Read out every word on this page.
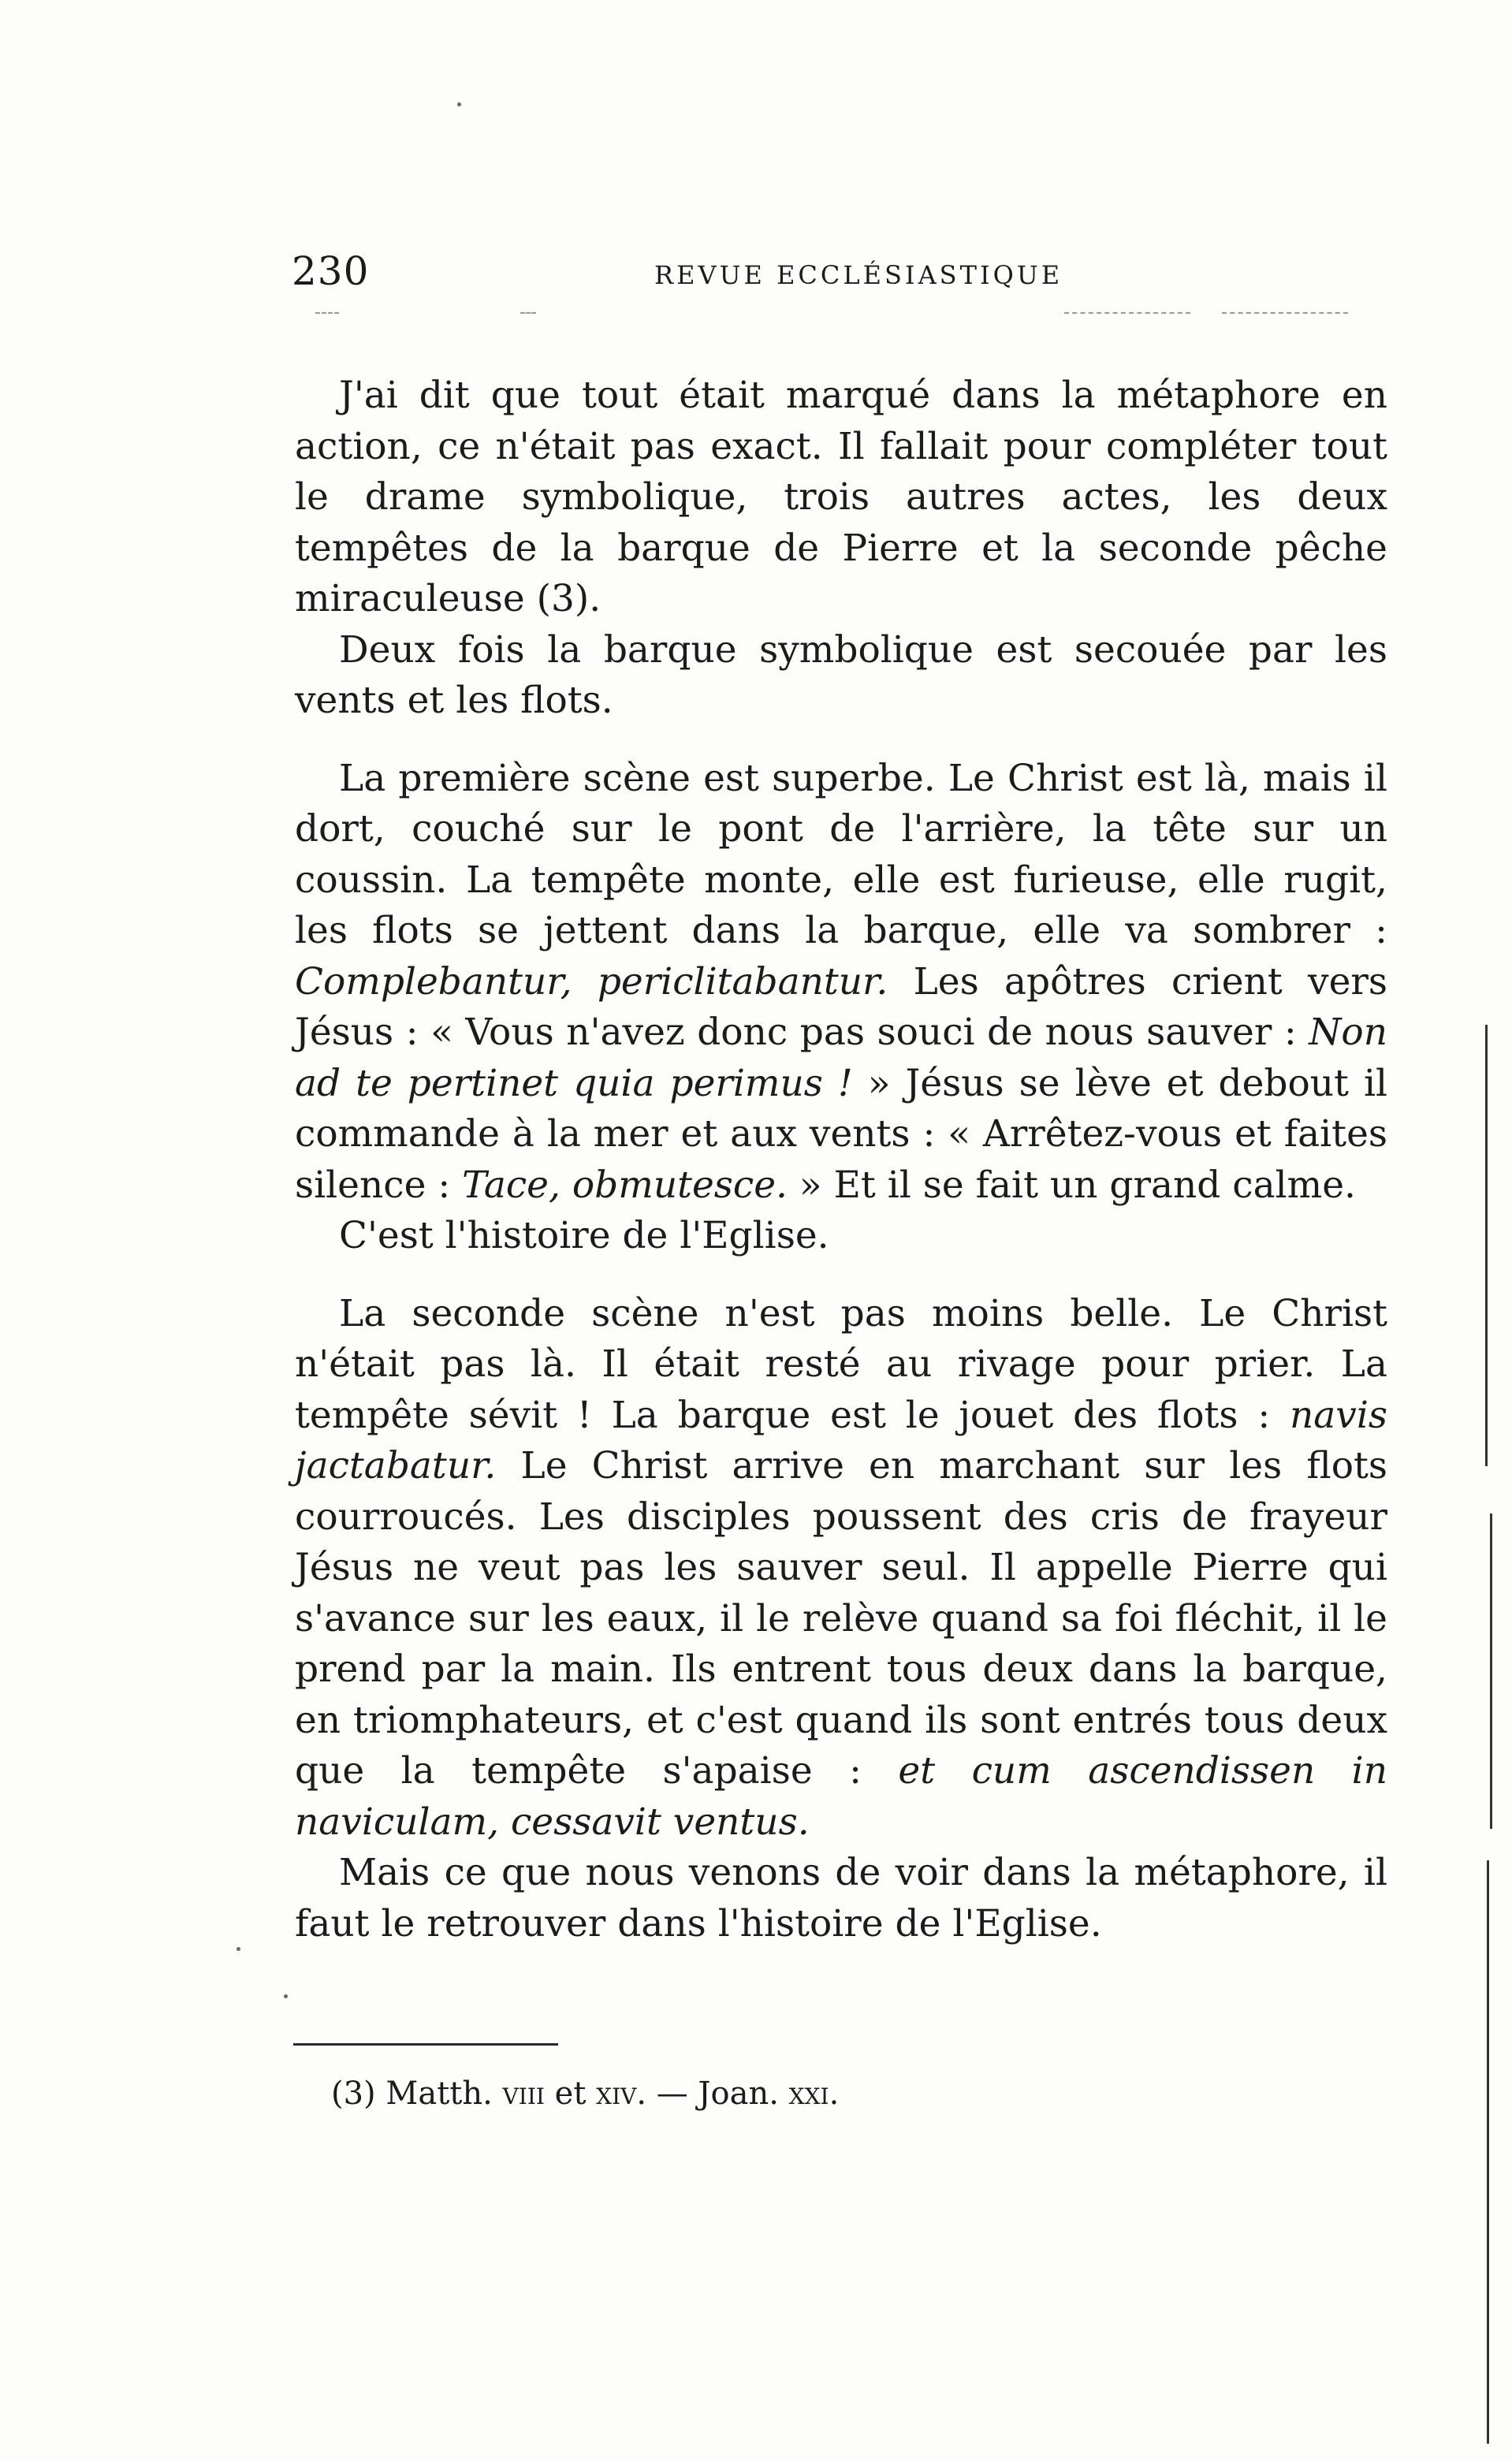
230	REVUE ECCLÉSIASTIQUE

J'ai dit que tout était marqué dans la métaphore en action, ce n'était pas exact. Il fallait pour compléter tout le drame symbolique, trois autres actes, les deux tempêtes de la barque de Pierre et la seconde pêche miraculeuse (3).

Deux fois la barque symbolique est secouée par les vents et les flots.

La première scène est superbe. Le Christ est là, mais il dort, couché sur le pont de l'arrière, la tête sur un coussin. La tempête monte, elle est furieuse, elle rugit, les flots se jettent dans la barque, elle va sombrer : Complebantur, periclitabantur. Les apôtres crient vers Jésus : « Vous n'avez donc pas souci de nous sauver : Non ad te pertinet quia perimus ! » Jésus se lève et debout il commande à la mer et aux vents : « Arrêtez-vous et faites silence : Tace, obmutesce. » Et il se fait un grand calme.

C'est l'histoire de l'Eglise.

La seconde scène n'est pas moins belle. Le Christ n'était pas là. Il était resté au rivage pour prier. La tempête sévit ! La barque est le jouet des flots : navis jactabatur. Le Christ arrive en marchant sur les flots courroucés. Les disciples poussent des cris de frayeur Jésus ne veut pas les sauver seul. Il appelle Pierre qui s'avance sur les eaux, il le relève quand sa foi fléchit, il le prend par la main. Ils entrent tous deux dans la barque, en triomphateurs, et c'est quand ils sont entrés tous deux que la tempête s'apaise : et cum ascendissen in naviculam, cessavit ventus.

Mais ce que nous venons de voir dans la métaphore, il faut le retrouver dans l'histoire de l'Eglise.

(3) Matth. viii et xiv. — Joan. xxi.
